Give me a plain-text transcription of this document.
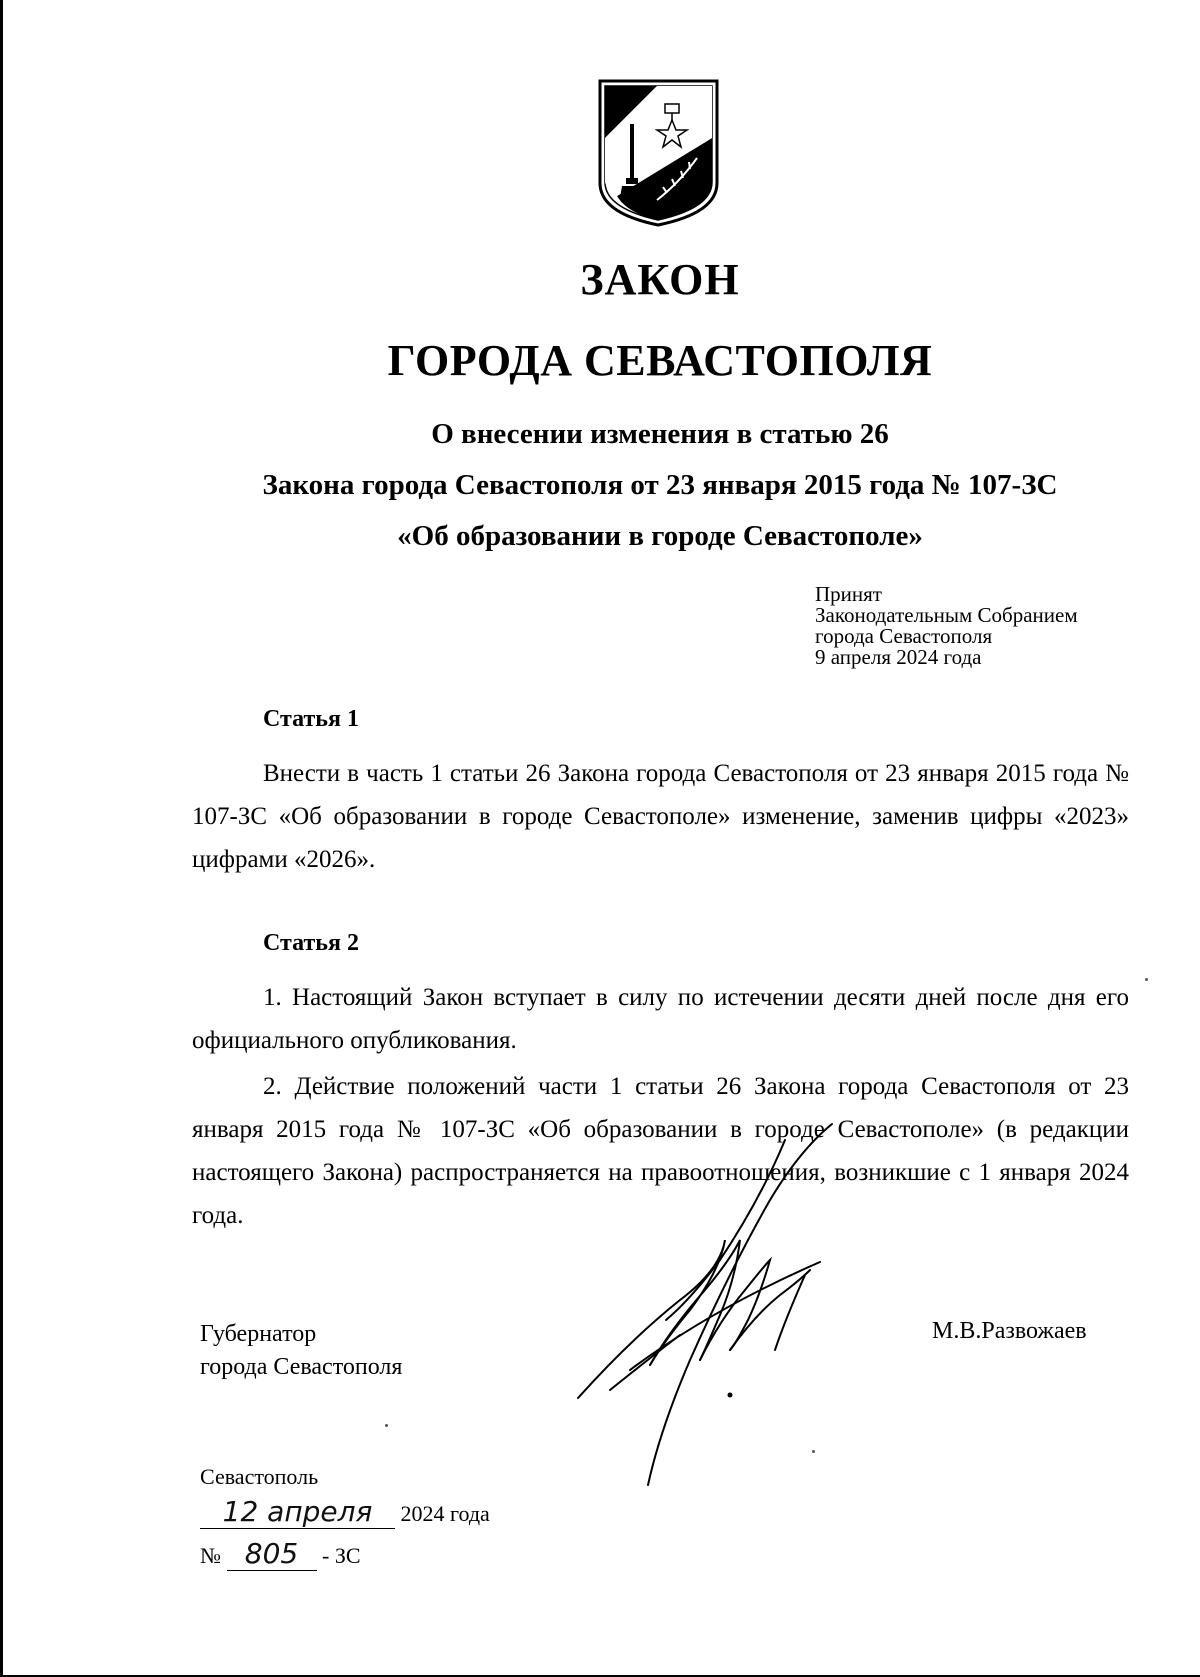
ЗАКОН
ГОРОДА СЕВАСТОПОЛЯ

О внесении изменения в статью 26

Закона города Севастополя от 23 января 2015 года № 107-ЗС

«Об образовании в городе Севастополе»

Принят
Законодательным Собранием
города Севастополя
9 апреля 2024 года

Статья 1

Внести в часть 1 статьи 26 Закона города Севастополя от 23 января 2015 года № 107-ЗС «Об образовании в городе Севастополе» изменение, заменив цифры «2023» цифрами «2026».

Статья 2

1. Настоящий Закон вступает в силу по истечении десяти дней после дня его официального опубликования.

2. Действие положений части 1 статьи 26 Закона города Севастополя от 23 января 2015 года № 107-ЗС «Об образовании в городе Севастополе» (в редакции настоящего Закона) распространяется на правоотношения, возникшие с 1 января 2024 года.

Губернатор
города Севастополя
М.В.Развожаев
Севастополь
12 апреля 2024 года
№ 805 - ЗС
